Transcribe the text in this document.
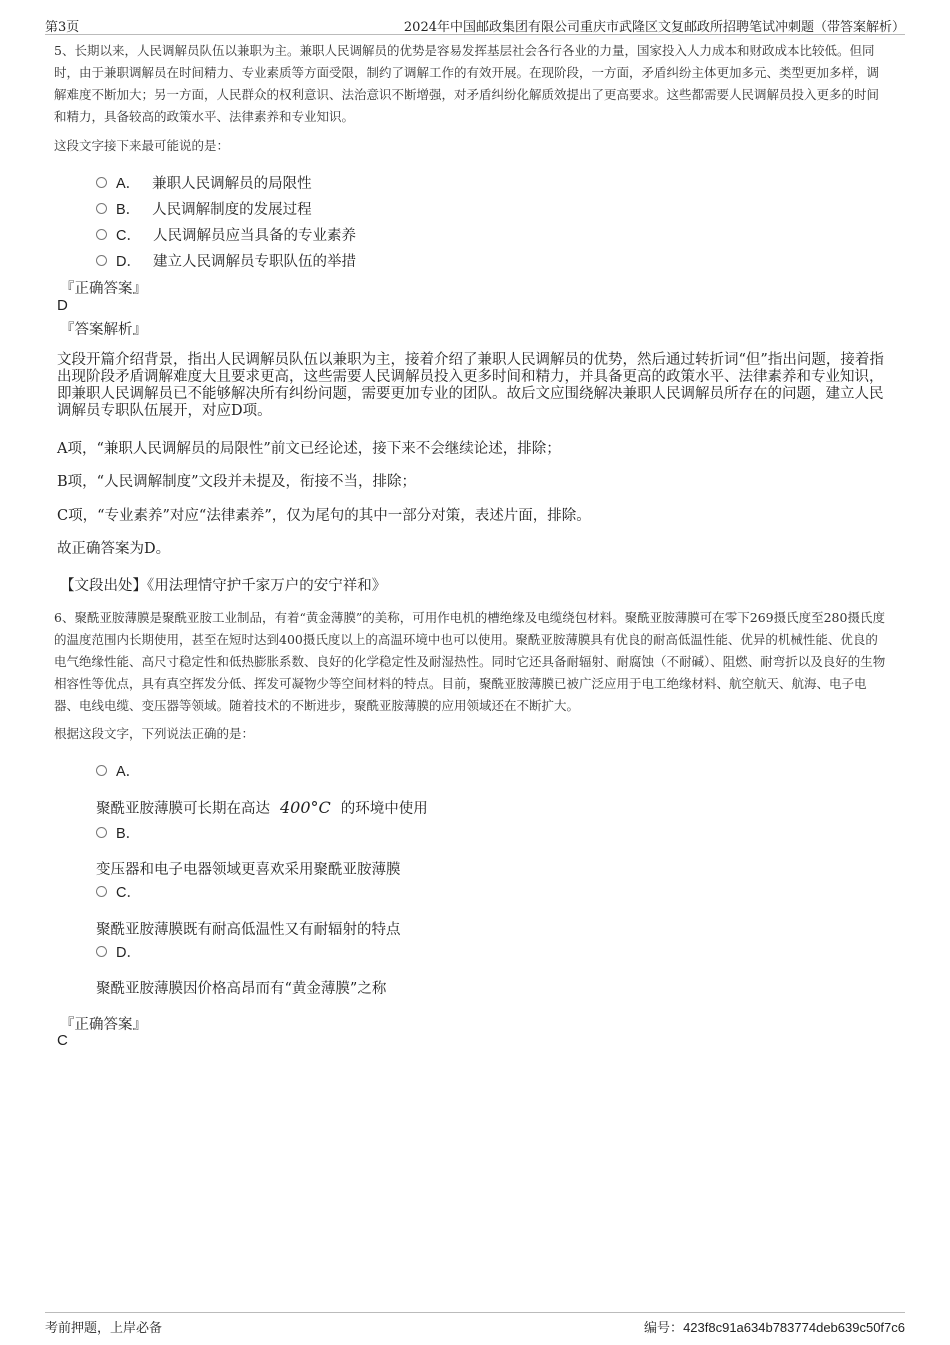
第3页	2024年中国邮政集团有限公司重庆市武隆区文复邮政所招聘笔试冲刺题（带答案解析）
5、长期以来，人民调解员队伍以兼职为主。兼职人民调解员的优势是容易发挥基层社会各行各业的力量，国家投入人力成本和财政成本比较低。但同时，由于兼职调解员在时间精力、专业素质等方面受限，制约了调解工作的有效开展。在现阶段，一方面，矛盾纠纷主体更加多元、类型更加多样，调解难度不断加大；另一方面，人民群众的权利意识、法治意识不断增强，对矛盾纠纷化解质效提出了更高要求。这些都需要人民调解员投入更多的时间和精力，具备较高的政策水平、法律素养和专业知识。
这段文字接下来最可能说的是：
A． 兼职人民调解员的局限性
B． 人民调解制度的发展过程
C． 人民调解员应当具备的专业素养
D． 建立人民调解员专职队伍的举措
『正确答案』
D
『答案解析』
文段开篇介绍背景，指出人民调解员队伍以兼职为主，接着介绍了兼职人民调解员的优势，然后通过转折词“但”指出问题，接着指出现阶段矛盾调解难度大且要求更高，这些需要人民调解员投入更多时间和精力，并具备更高的政策水平、法律素养和专业知识，即兼职人民调解员已不能够解决所有纠纷问题，需要更加专业的团队。故后文应围绕解决兼职人民调解员所存在的问题，建立人民调解员专职队伍展开，对应D项。
A项，“兼职人民调解员的局限性”前文已经论述，接下来不会继续论述，排除；
B项，“人民调解制度”文段并未提及，衔接不当，排除；
C项，“专业素养”对应“法律素养”，仅为尾句的其中一部分对策，表述片面，排除。
故正确答案为D。
【文段出处】《用法理情守护千家万户的安宁祥和》
6、聚酰亚胺薄膜是聚酰亚胺工业制品，有着“黄金薄膜”的美称，可用作电机的槽绝缘及电缆绕包材料。聚酰亚胺薄膜可在零下269摄氏度至280摄氏度的温度范围内长期使用，甚至在短时达到400摄氏度以上的高温环境中也可以使用。聚酰亚胺薄膜具有优良的耐高低温性能、优异的机械性能、优良的电气绝缘性能、高尺寸稳定性和低热膨胀系数、良好的化学稳定性及耐湿热性。同时它还具备耐辐射、耐腐蚀（不耐碱）、阻燃、耐弯折以及良好的生物相容性等优点，具有真空挥发分低、挥发可凝物少等空间材料的特点。目前，聚酰亚胺薄膜已被广泛应用于电工绝缘材料、航空航天、航海、电子电器、电线电缆、变压器等领域。随着技术的不断进步，聚酰亚胺薄膜的应用领域还在不断扩大。
根据这段文字，下列说法正确的是：
A．
聚酰亚胺薄膜可长期在高达 400°C 的环境中使用
B．
变压器和电子电器领域更喜欢采用聚酰亚胺薄膜
C．
聚酰亚胺薄膜既有耐高低温性又有耐辐射的特点
D．
聚酰亚胺薄膜因价格高昂而有“黄金薄膜”之称
『正确答案』
C
考前押题，上岸必备	编号：423f8c91a634b783774deb639c50f7c6
